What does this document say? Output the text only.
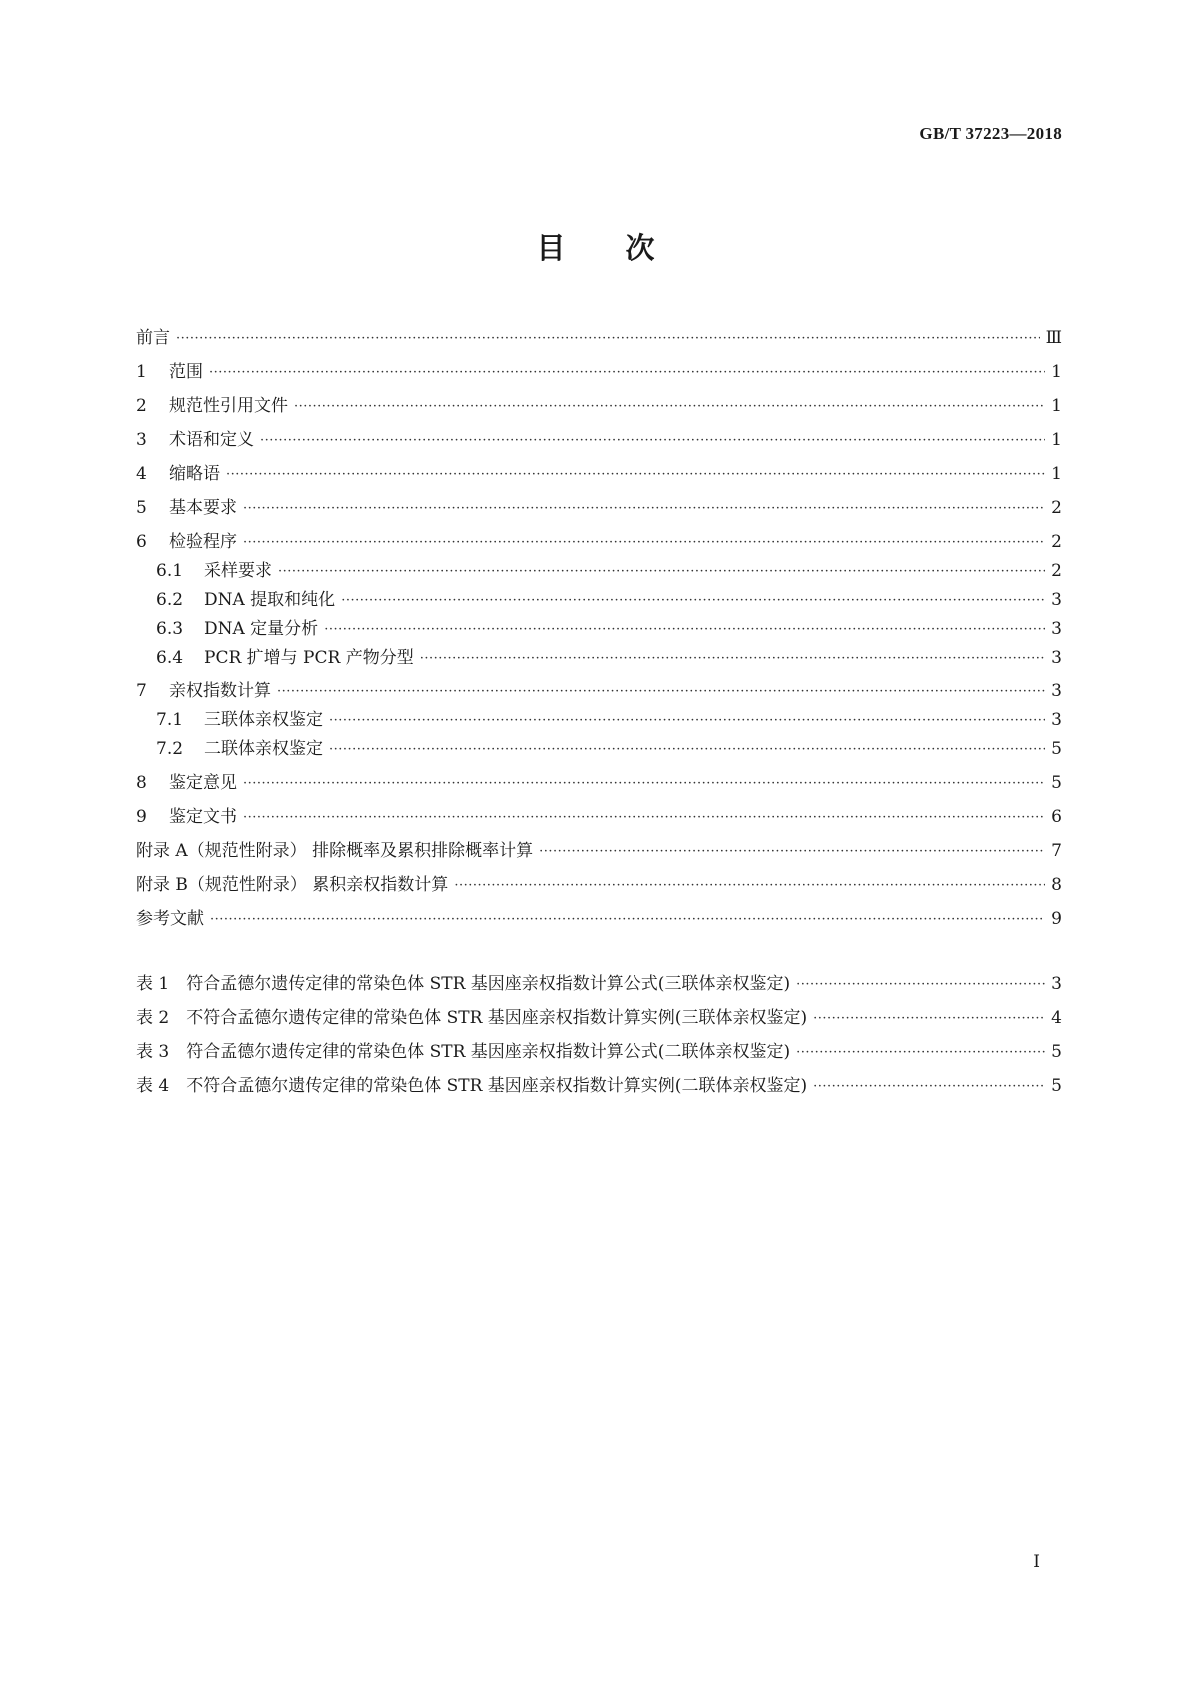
GB/T 37223—2018
目次
前言 ·····	Ⅲ
1	范围 ·····	1
2	规范性引用文件 ·····	1
3	术语和定义 ·····	1
4	缩略语 ·····	1
5	基本要求 ·····	2
6	检验程序 ·····	2
6.1	采样要求 ·····	2
6.2	DNA 提取和纯化 ·····	3
6.3	DNA 定量分析 ·····	3
6.4	PCR 扩增与 PCR 产物分型 ·····	3
7	亲权指数计算 ·····	3
7.1	三联体亲权鉴定 ·····	3
7.2	二联体亲权鉴定 ·····	5
8	鉴定意见 ·····	5
9	鉴定文书 ·····	6
附录 A（规范性附录） 排除概率及累积排除概率计算 ·····	7
附录 B（规范性附录） 累积亲权指数计算 ·····	8
参考文献 ·····	9
表 1　符合孟德尔遗传定律的常染色体 STR 基因座亲权指数计算公式(三联体亲权鉴定) ·····	3
表 2　不符合孟德尔遗传定律的常染色体 STR 基因座亲权指数计算实例(三联体亲权鉴定) ·····	4
表 3　符合孟德尔遗传定律的常染色体 STR 基因座亲权指数计算公式(二联体亲权鉴定) ·····	5
表 4　不符合孟德尔遗传定律的常染色体 STR 基因座亲权指数计算实例(二联体亲权鉴定) ·····	5
I
